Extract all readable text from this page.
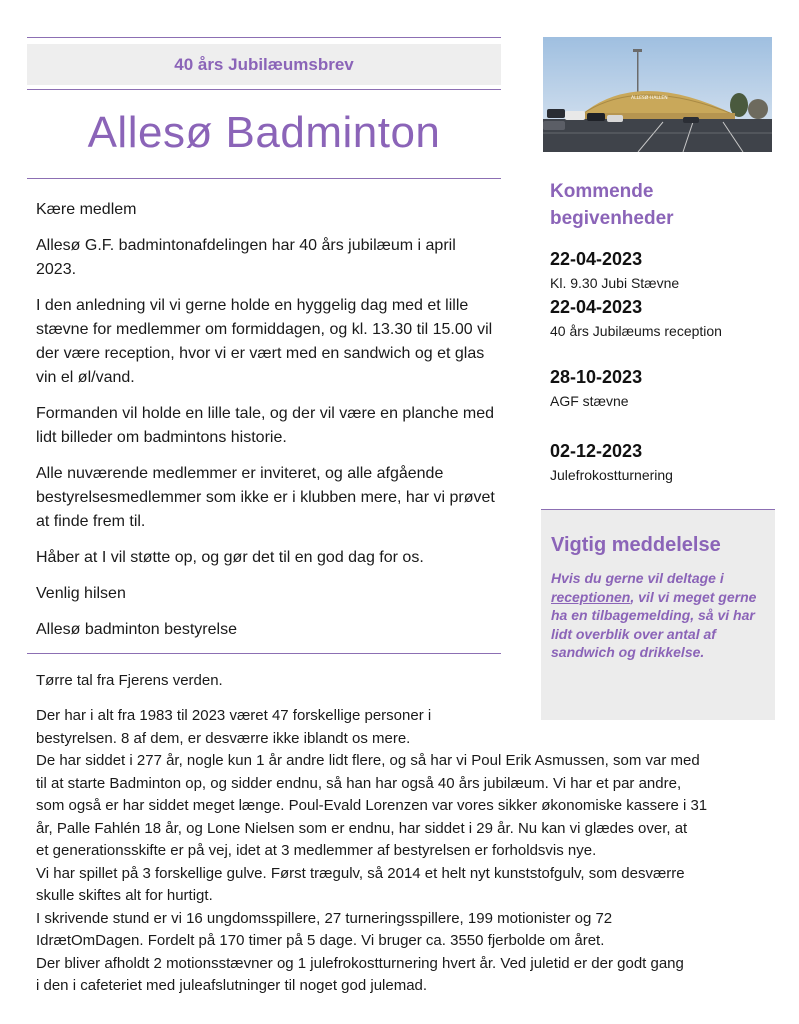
40 års Jubilæumsbrev
Allesø Badminton

Kære medlem

Allesø G.F. badmintonafdelingen har 40 års jubilæum i april 2023.

I den anledning vil vi gerne holde en hyggelig dag med et lille stævne for medlemmer om formiddagen, og kl. 13.30 til 15.00 vil der være reception, hvor vi er vært med en sandwich og et glas vin el øl/vand.

Formanden vil holde en lille tale, og der vil være en planche med lidt billeder om badmintons historie.

Alle nuværende medlemmer er inviteret, og alle afgående bestyrelsesmedlemmer som ikke er i klubben mere, har vi prøvet at finde frem til.

Håber at I vil støtte op, og gør det til en god dag for os.

Venlig hilsen

Allesø badminton bestyrelse

Tørre tal fra Fjerens verden.

Der har i alt fra 1983 til 2023 været 47 forskellige personer i

bestyrelsen. 8 af dem, er desværre ikke iblandt os mere.

De har siddet i 277 år, nogle kun 1 år andre lidt flere, og så har vi Poul Erik Asmussen, som var med

til at starte Badminton op, og sidder endnu, så han har også 40 års jubilæum. Vi har et par andre,

som også er har siddet meget længe. Poul-Evald Lorenzen var vores sikker økonomiske kassere i 31

år, Palle Fahlén 18 år, og Lone Nielsen som er endnu, har siddet i 29 år. Nu kan vi glædes over, at

et generationsskifte er på vej, idet at 3 medlemmer af bestyrelsen er forholdsvis nye.

Vi har spillet på 3 forskellige gulve. Først trægulv, så 2014 et helt nyt kunststofgulv, som desværre

skulle skiftes alt for hurtigt.

I skrivende stund er vi 16 ungdomsspillere, 27 turneringsspillere, 199 motionister og 72

IdrætOmDagen. Fordelt på 170 timer på 5 dage. Vi bruger ca. 3550 fjerbolde om året.

Der bliver afholdt 2 motionsstævner og 1 julefrokostturnering hvert år. Ved juletid er der godt gang

i den i cafeteriet med juleafslutninger til noget god julemad.

ALLESØ-HALLEN
Kommende begivenheder
22-04-2023
Kl. 9.30 Jubi Stævne
22-04-2023
40 års Jubilæums reception
28-10-2023
AGF stævne
02-12-2023
Julefrokostturnering
Vigtig meddelelse
Hvis du gerne vil deltage i receptionen, vil vi meget gerne ha en tilbagemelding, så vi har lidt overblik over antal af sandwich og drikkelse.
